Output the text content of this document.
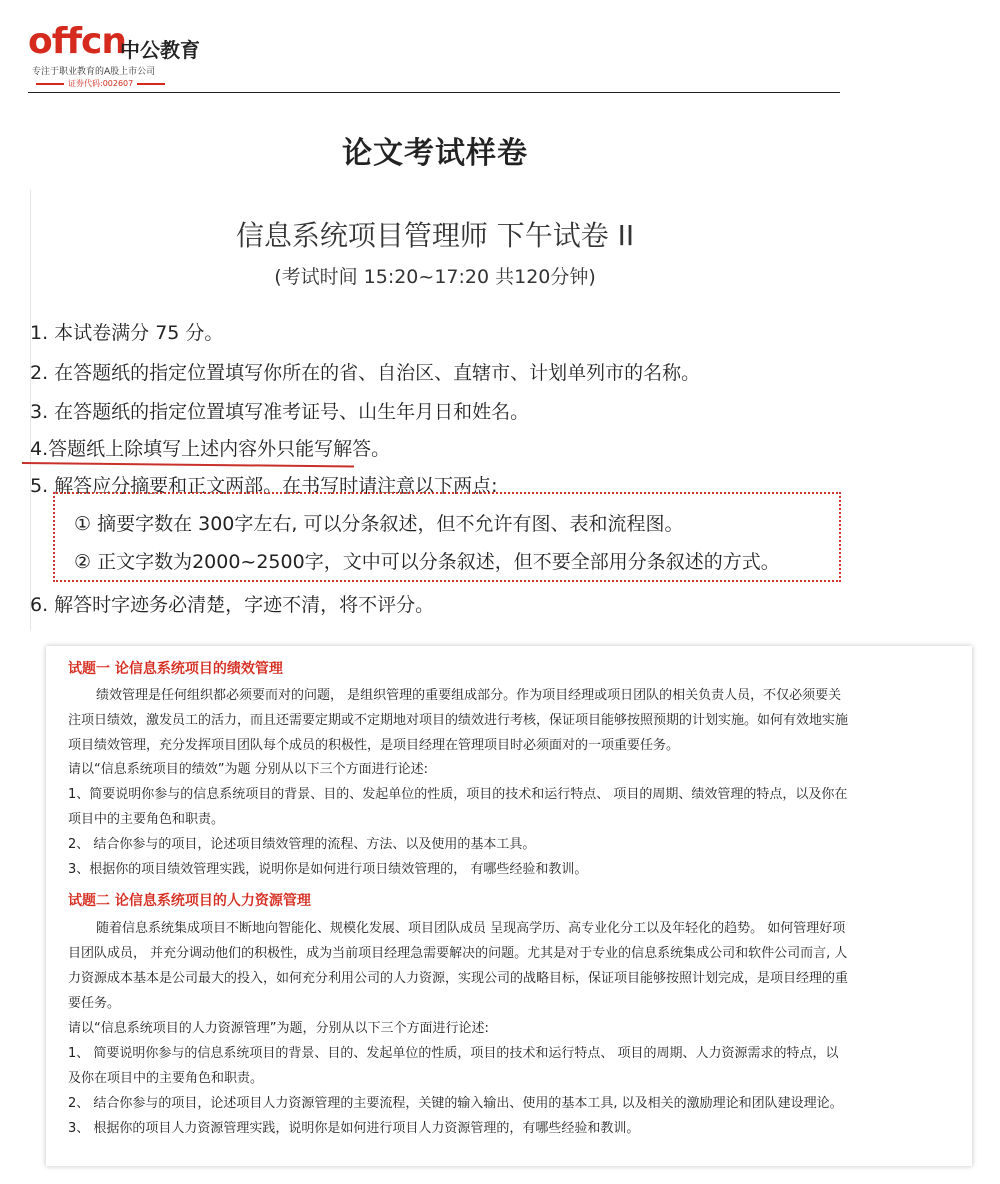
offcn
中公教育
专注于职业教育的A股上市公司
证券代码:002607
论文考试样卷
信息系统项目管理师 下午试卷 II
(考试时间 15:20~17:20 共120分钟)
1. 本试卷满分 75 分。
2. 在答题纸的指定位置填写你所在的省、自治区、直辖市、计划单列市的名称。
3. 在答题纸的指定位置填写准考证号、山生年月日和姓名。
4.答题纸上除填写上述内容外只能写解答。
5. 解答应分摘要和正文两部。在书写时请注意以下两点:
① 摘要字数在 300字左右, 可以分条叙述，但不允许有图、表和流程图。
② 正文字数为2000~2500字，文中可以分条叙述，但不要全部用分条叙述的方式。
6. 解答时字迹务必清楚，字迹不清，将不评分。
试题一 论信息系统项目的绩效管理
绩效管理是任何组织都必须要而对的问题， 是组织管理的重要组成部分。作为项目经理或项日团队的相关负责人员，不仅必须要关
注项日绩效，激发员工的活力，而且还需要定期或不定期地对项目的绩效进行考核，保证项目能够按照预期的计划实施。如何有效地实施
项目绩效管理，充分发挥项目团队每个成员的积极性，是项目经理在管理项目时必须面对的一项重要任务。
请以“信息系统项目的绩效”为题 分别从以下三个方面进行论述:
1、简要说明你参与的信息系统项目的背景、目的、发起单位的性质，项目的技术和运行特点、 项目的周期、绩效管理的特点，以及你在
项目中的主要角色和职责。
2、 结合你参与的项目，论述项目绩效管理的流程、方法、以及使用的基本工具。
3、根据你的项目绩效管理实践，说明你是如何进行项日绩效管理的， 有哪些经验和教训。
试题二 论信息系统项目的人力资源管理
随着信息系统集成项目不断地向智能化、规模化发展、项目团队成员 呈现高学历、高专业化分工以及年轻化的趋势。 如何管理好项
目团队成员， 并充分调动他们的积极性，成为当前项目经理急需要解决的问题。尤其是对于专业的信息系统集成公司和软件公司而言, 人
力资源成本基本是公司最大的投入，如何充分利用公司的人力资源，实现公司的战略目标，保证项目能够按照计划完成，是项目经理的重
要任务。
请以“信息系统项目的人力资源管理”为题，分别从以下三个方面进行论述:
1、 简要说明你参与的信息系统项目的背景、目的、发起单位的性质，项目的技术和运行特点、 项目的周期、人力资源需求的特点，以
及你在项目中的主要角色和职责。
2、 结合你参与的项目，论述项目人力资源管理的主要流程，关键的输入输出、使用的基本工具, 以及相关的激励理论和团队建设理论。
3、 根据你的项目人力资源管理实践，说明你是如何进行项目人力资源管理的，有哪些经验和教训。
